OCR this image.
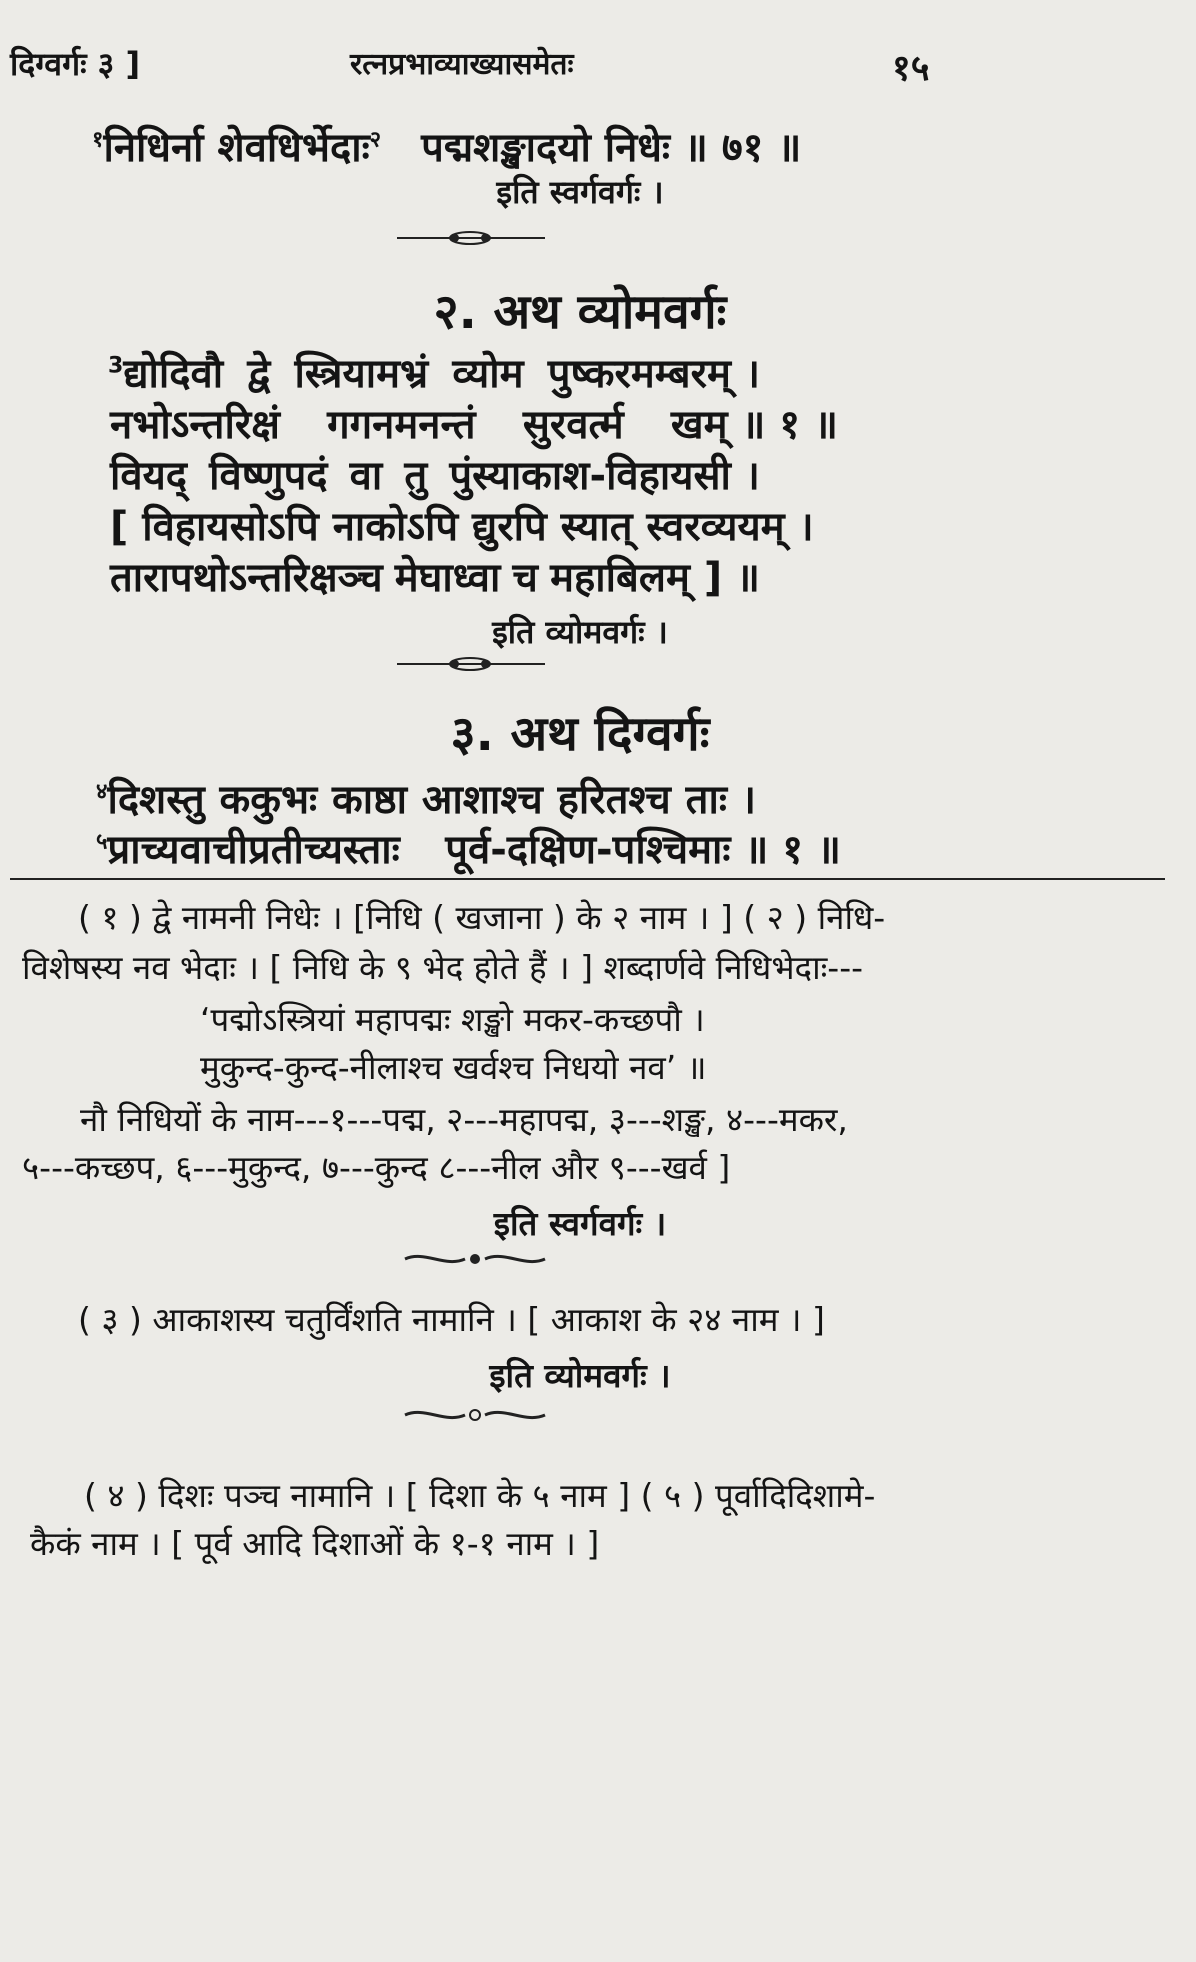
दिग्वर्गः ३ ]	रत्नप्रभाव्याख्यासमेतः	१५
$^१$निधिर्ना शेवधिर्भेदाः$^२$ पद्मशङ्खादयो निधेः ॥ ७१ ॥
इति स्वर्गवर्गः ।
२. अथ व्योमवर्गः
$^3$द्योदिवौ द्वे स्त्रियामभ्रं व्योम पुष्करमम्बरम् ।
नभोऽन्तरिक्षं गगनमनन्तं सुरवर्त्म खम् ॥ १ ॥
वियद् विष्णुपदं वा तु पुंस्याकाश-विहायसी ।
[ विहायसोऽपि नाकोऽपि द्युरपि स्यात् स्वरव्ययम् ।
तारापथोऽन्तरिक्षञ्च मेघाध्वा च महाबिलम् ] ॥
इति व्योमवर्गः ।
३. अथ दिग्वर्गः
$^४$दिशस्तु ककुभः काष्ठा आशाश्च हरितश्च ताः ।
$^५$प्राच्यवाचीप्रतीच्यस्ताः पूर्व-दक्षिण-पश्चिमाः ॥ १ ॥
( १ ) द्वे नामनी निधेः । [निधि ( खजाना ) के २ नाम । ] ( २ ) निधि-
विशेषस्य नव भेदाः । [ निधि के ९ भेद होते हैं । ] शब्दार्णवे निधिभेदाः---
‘पद्मोऽस्त्रियां महापद्मः शङ्खो मकर-कच्छपौ ।
मुकुन्द-कुन्द-नीलाश्च खर्वश्च निधयो नव’ ॥
नौ निधियों के नाम---१---पद्म, २---महापद्म, ३---शङ्ख, ४---मकर,
५---कच्छप, ६---मुकुन्द, ७---कुन्द ८---नील और ९---खर्व ]
इति स्वर्गवर्गः ।
( ३ ) आकाशस्य चतुर्विंशति नामानि । [ आकाश के २४ नाम । ]
इति व्योमवर्गः ।
( ४ ) दिशः पञ्च नामानि । [ दिशा के ५ नाम ] ( ५ ) पूर्वादिदिशामे-
कैकं नाम । [ पूर्व आदि दिशाओं के १-१ नाम । ]
